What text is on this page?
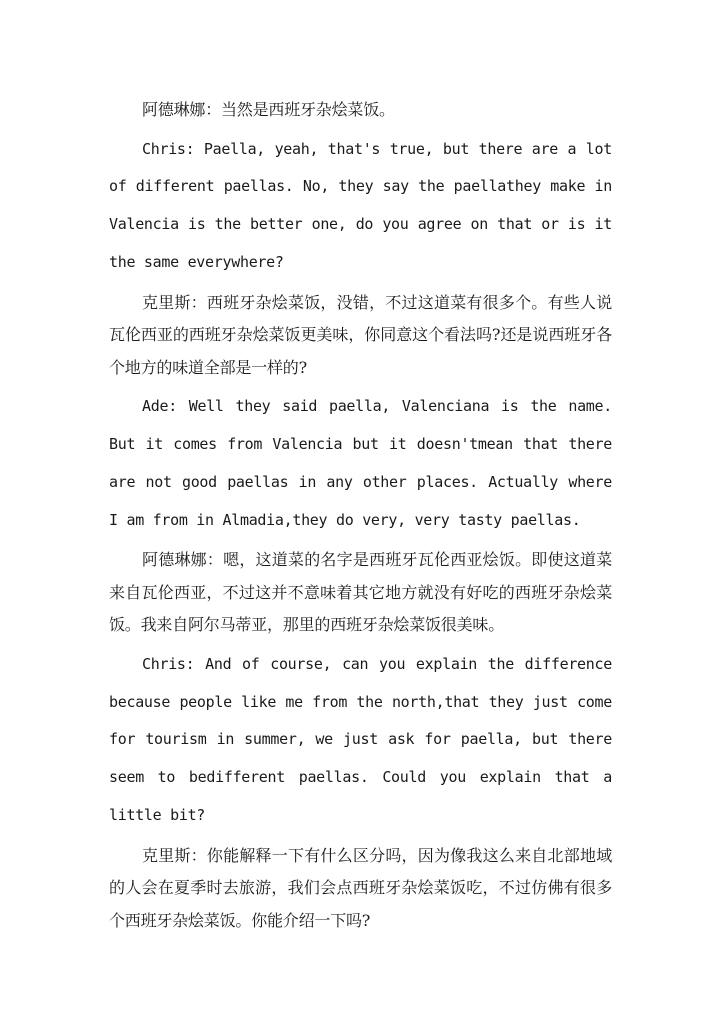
阿德琳娜：当然是西班牙杂烩菜饭。

Chris: Paella, yeah, that's true, but there are a lot of different paellas. No, they say the paellathey make in Valencia is the better one, do you agree on that or is it the same everywhere?

克里斯：西班牙杂烩菜饭，没错，不过这道菜有很多个。有些人说瓦伦西亚的西班牙杂烩菜饭更美味，你同意这个看法吗?还是说西班牙各个地方的味道全部是一样的?

Ade: Well they said paella, Valenciana is the name. But it comes from Valencia but it doesn'tmean that there are not good paellas in any other places. Actually where I am from in Almadia,they do very, very tasty paellas.

阿德琳娜：嗯，这道菜的名字是西班牙瓦伦西亚烩饭。即使这道菜来自瓦伦西亚，不过这并不意味着其它地方就没有好吃的西班牙杂烩菜饭。我来自阿尔马蒂亚，那里的西班牙杂烩菜饭很美味。

Chris: And of course, can you explain the difference because people like me from the north,that they just come for tourism in summer, we just ask for paella, but there seem to bedifferent paellas. Could you explain that a little bit?

克里斯：你能解释一下有什么区分吗，因为像我这么来自北部地域的人会在夏季时去旅游，我们会点西班牙杂烩菜饭吃，不过仿佛有很多个西班牙杂烩菜饭。你能介绍一下吗?
